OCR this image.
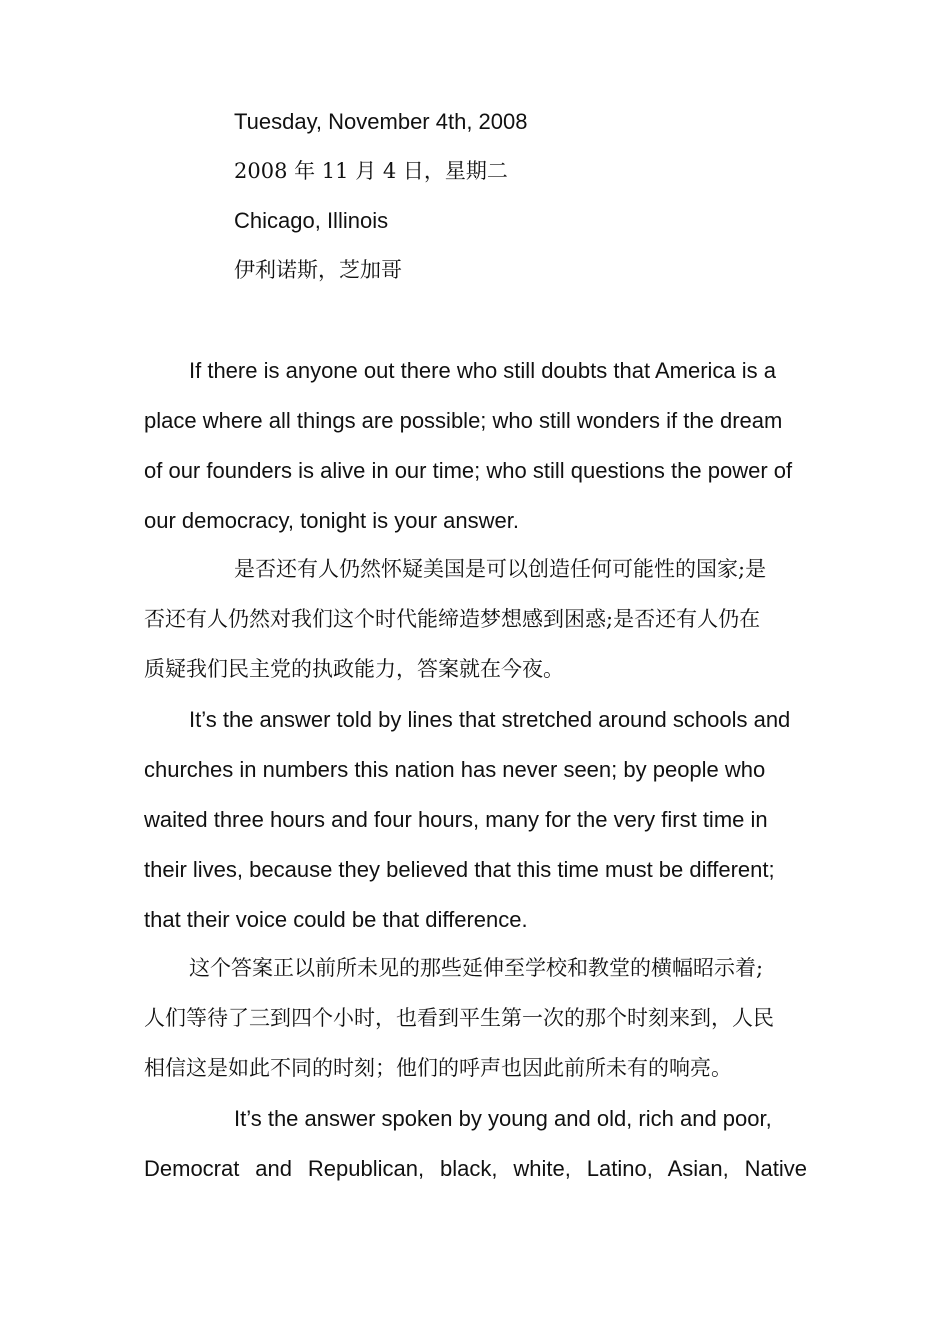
Tuesday, November 4th, 2008
2008 年 11 月 4 日，星期二
Chicago, Illinois
伊利诺斯，芝加哥
If there is anyone out there who still doubts that America is a
place where all things are possible; who still wonders if the dream
of our founders is alive in our time; who still questions the power of
our democracy, tonight is your answer.
是否还有人仍然怀疑美国是可以创造任何可能性的国家;是
否还有人仍然对我们这个时代能缔造梦想感到困惑;是否还有人仍在
质疑我们民主党的执政能力，答案就在今夜。
It’s the answer told by lines that stretched around schools and
churches in numbers this nation has never seen; by people who
waited three hours and four hours, many for the very first time in
their lives, because they believed that this time must be different;
that their voice could be that difference.
这个答案正以前所未见的那些延伸至学校和教堂的横幅昭示着;
人们等待了三到四个小时，也看到平生第一次的那个时刻来到，人民
相信这是如此不同的时刻；他们的呼声也因此前所未有的响亮。
It’s the answer spoken by young and old, rich and poor,
Democrat and Republican, black, white, Latino, Asian, Native
